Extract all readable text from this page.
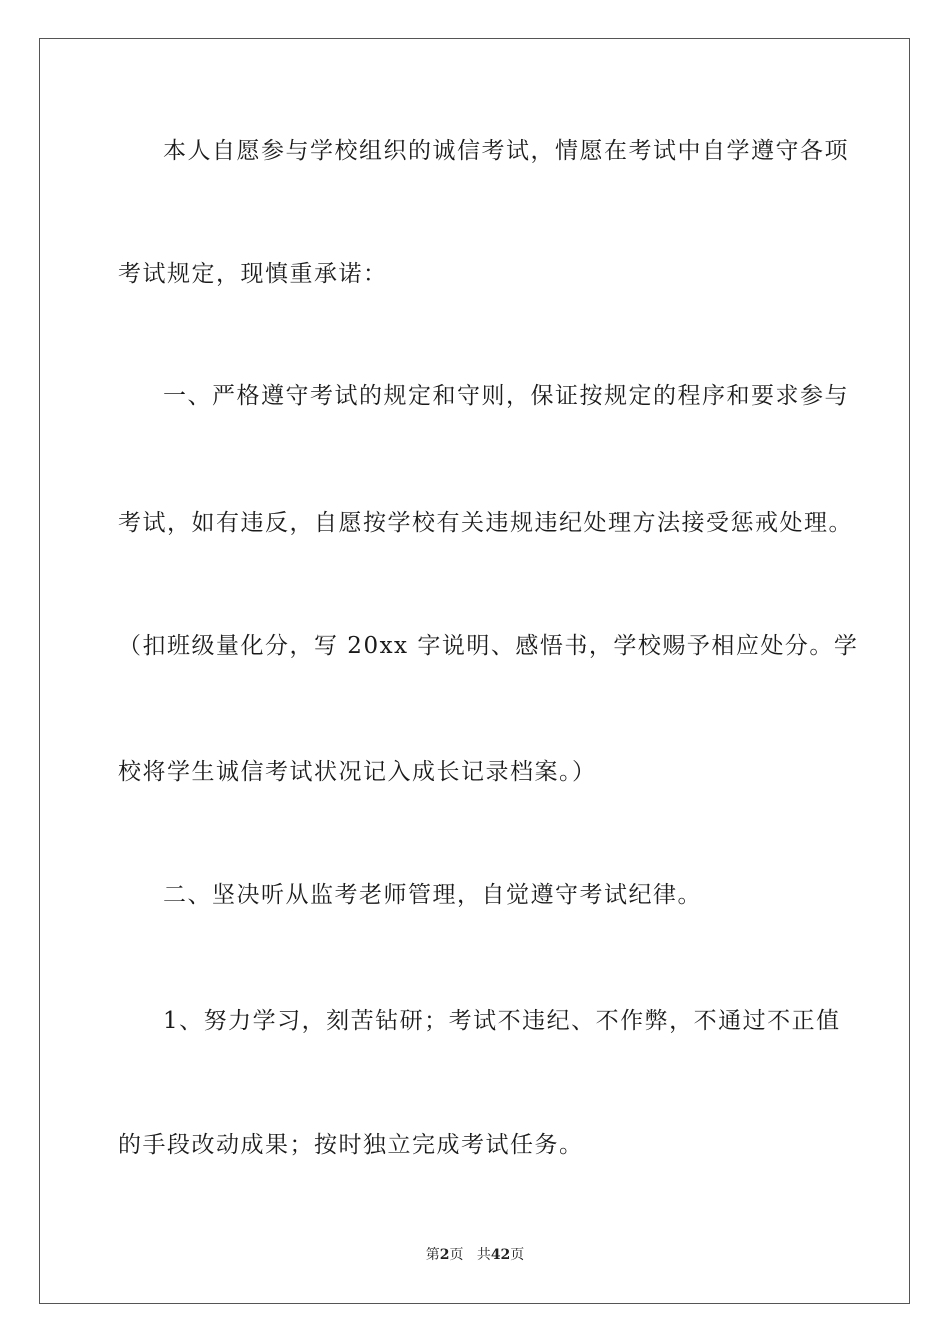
本人自愿参与学校组织的诚信考试，情愿在考试中自学遵守各项
考试规定，现慎重承诺：
一、严格遵守考试的规定和守则，保证按规定的程序和要求参与
考试，如有违反，自愿按学校有关违规违纪处理方法接受惩戒处理。
（扣班级量化分，写 20xx 字说明、感悟书，学校赐予相应处分。学
校将学生诚信考试状况记入成长记录档案。）
二、坚决听从监考老师管理，自觉遵守考试纪律。
1、努力学习，刻苦钻研；考试不违纪、不作弊，不通过不正值
的手段改动成果；按时独立完成考试任务。
第2页 共42页
